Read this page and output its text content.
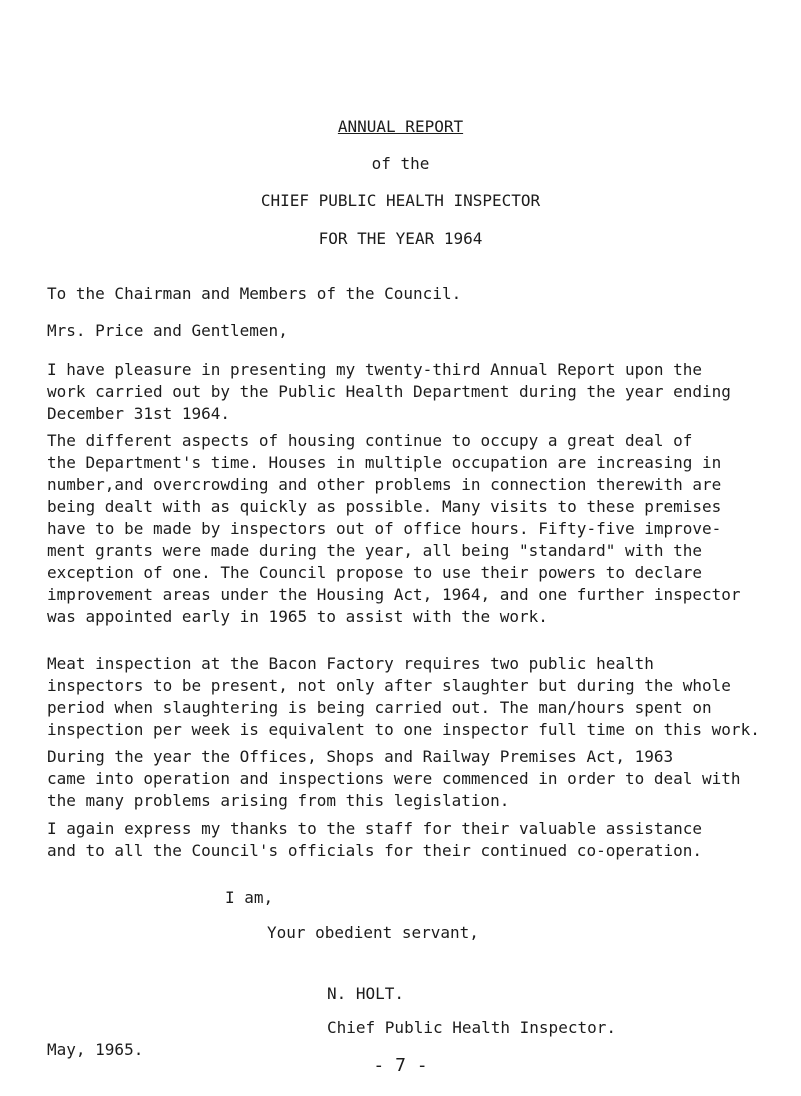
ANNUAL REPORT

of the

CHIEF PUBLIC HEALTH INSPECTOR

FOR THE YEAR 1964

To the Chairman and Members of the Council.

Mrs. Price and Gentlemen,

I have pleasure in presenting my twenty-third Annual Report upon the
work carried out by the Public Health Department during the year ending
December 31st 1964.

The different aspects of housing continue to occupy a great deal of
the Department's time. Houses in multiple occupation are increasing in
number,and overcrowding and other problems in connection therewith are
being dealt with as quickly as possible. Many visits to these premises
have to be made by inspectors out of office hours. Fifty-five improve-
ment grants were made during the year, all being "standard" with the
exception of one. The Council propose to use their powers to declare
improvement areas under the Housing Act, 1964, and one further inspector
was appointed early in 1965 to assist with the work.

Meat inspection at the Bacon Factory requires two public health
inspectors to be present, not only after slaughter but during the whole
period when slaughtering is being carried out. The man/hours spent on
inspection per week is equivalent to one inspector full time on this work.

During the year the Offices, Shops and Railway Premises Act, 1963
came into operation and inspections were commenced in order to deal with
the many problems arising from this legislation.

I again express my thanks to the staff for their valuable assistance
and to all the Council's officials for their continued co-operation.

I am,

Your obedient servant,

N. HOLT.

Chief Public Health Inspector.

May, 1965.

- 7 -
